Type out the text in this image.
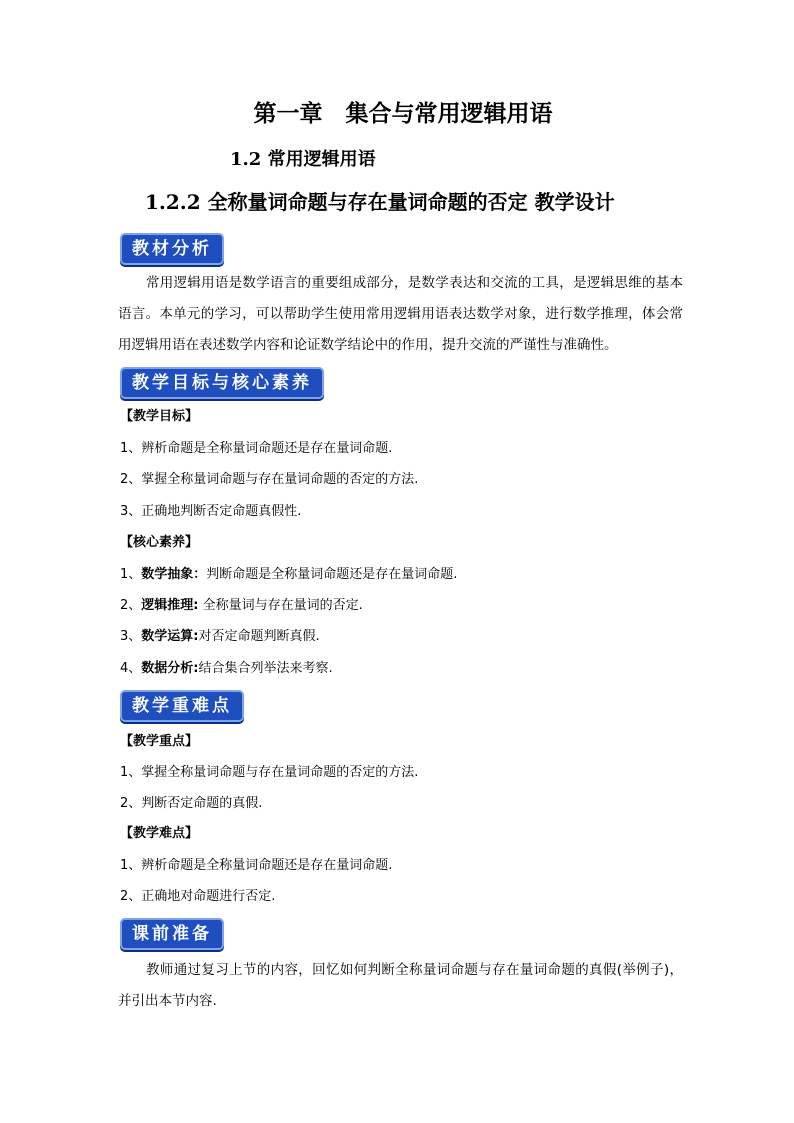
第一章　集合与常用逻辑用语
1.2 常用逻辑用语
1.2.2 全称量词命题与存在量词命题的否定 教学设计
教材分析
常用逻辑用语是数学语言的重要组成部分，是数学表达和交流的工具，是逻辑思维的基本语言。本单元的学习，可以帮助学生使用常用逻辑用语表达数学对象，进行数学推理，体会常用逻辑用语在表述数学内容和论证数学结论中的作用，提升交流的严谨性与准确性。
教学目标与核心素养
【教学目标】
1、辨析命题是全称量词命题还是存在量词命题.
2、掌握全称量词命题与存在量词命题的否定的方法.
3、正确地判断否定命题真假性.
【核心素养】
1、数学抽象：判断命题是全称量词命题还是存在量词命题.
2、逻辑推理: 全称量词与存在量词的否定.
3、数学运算:对否定命题判断真假.
4、数据分析:结合集合列举法来考察.
教学重难点
【教学重点】
1、掌握全称量词命题与存在量词命题的否定的方法.
2、判断否定命题的真假.
【教学难点】
1、辨析命题是全称量词命题还是存在量词命题.
2、正确地对命题进行否定.
课前准备
教师通过复习上节的内容，回忆如何判断全称量词命题与存在量词命题的真假(举例子)，并引出本节内容.
